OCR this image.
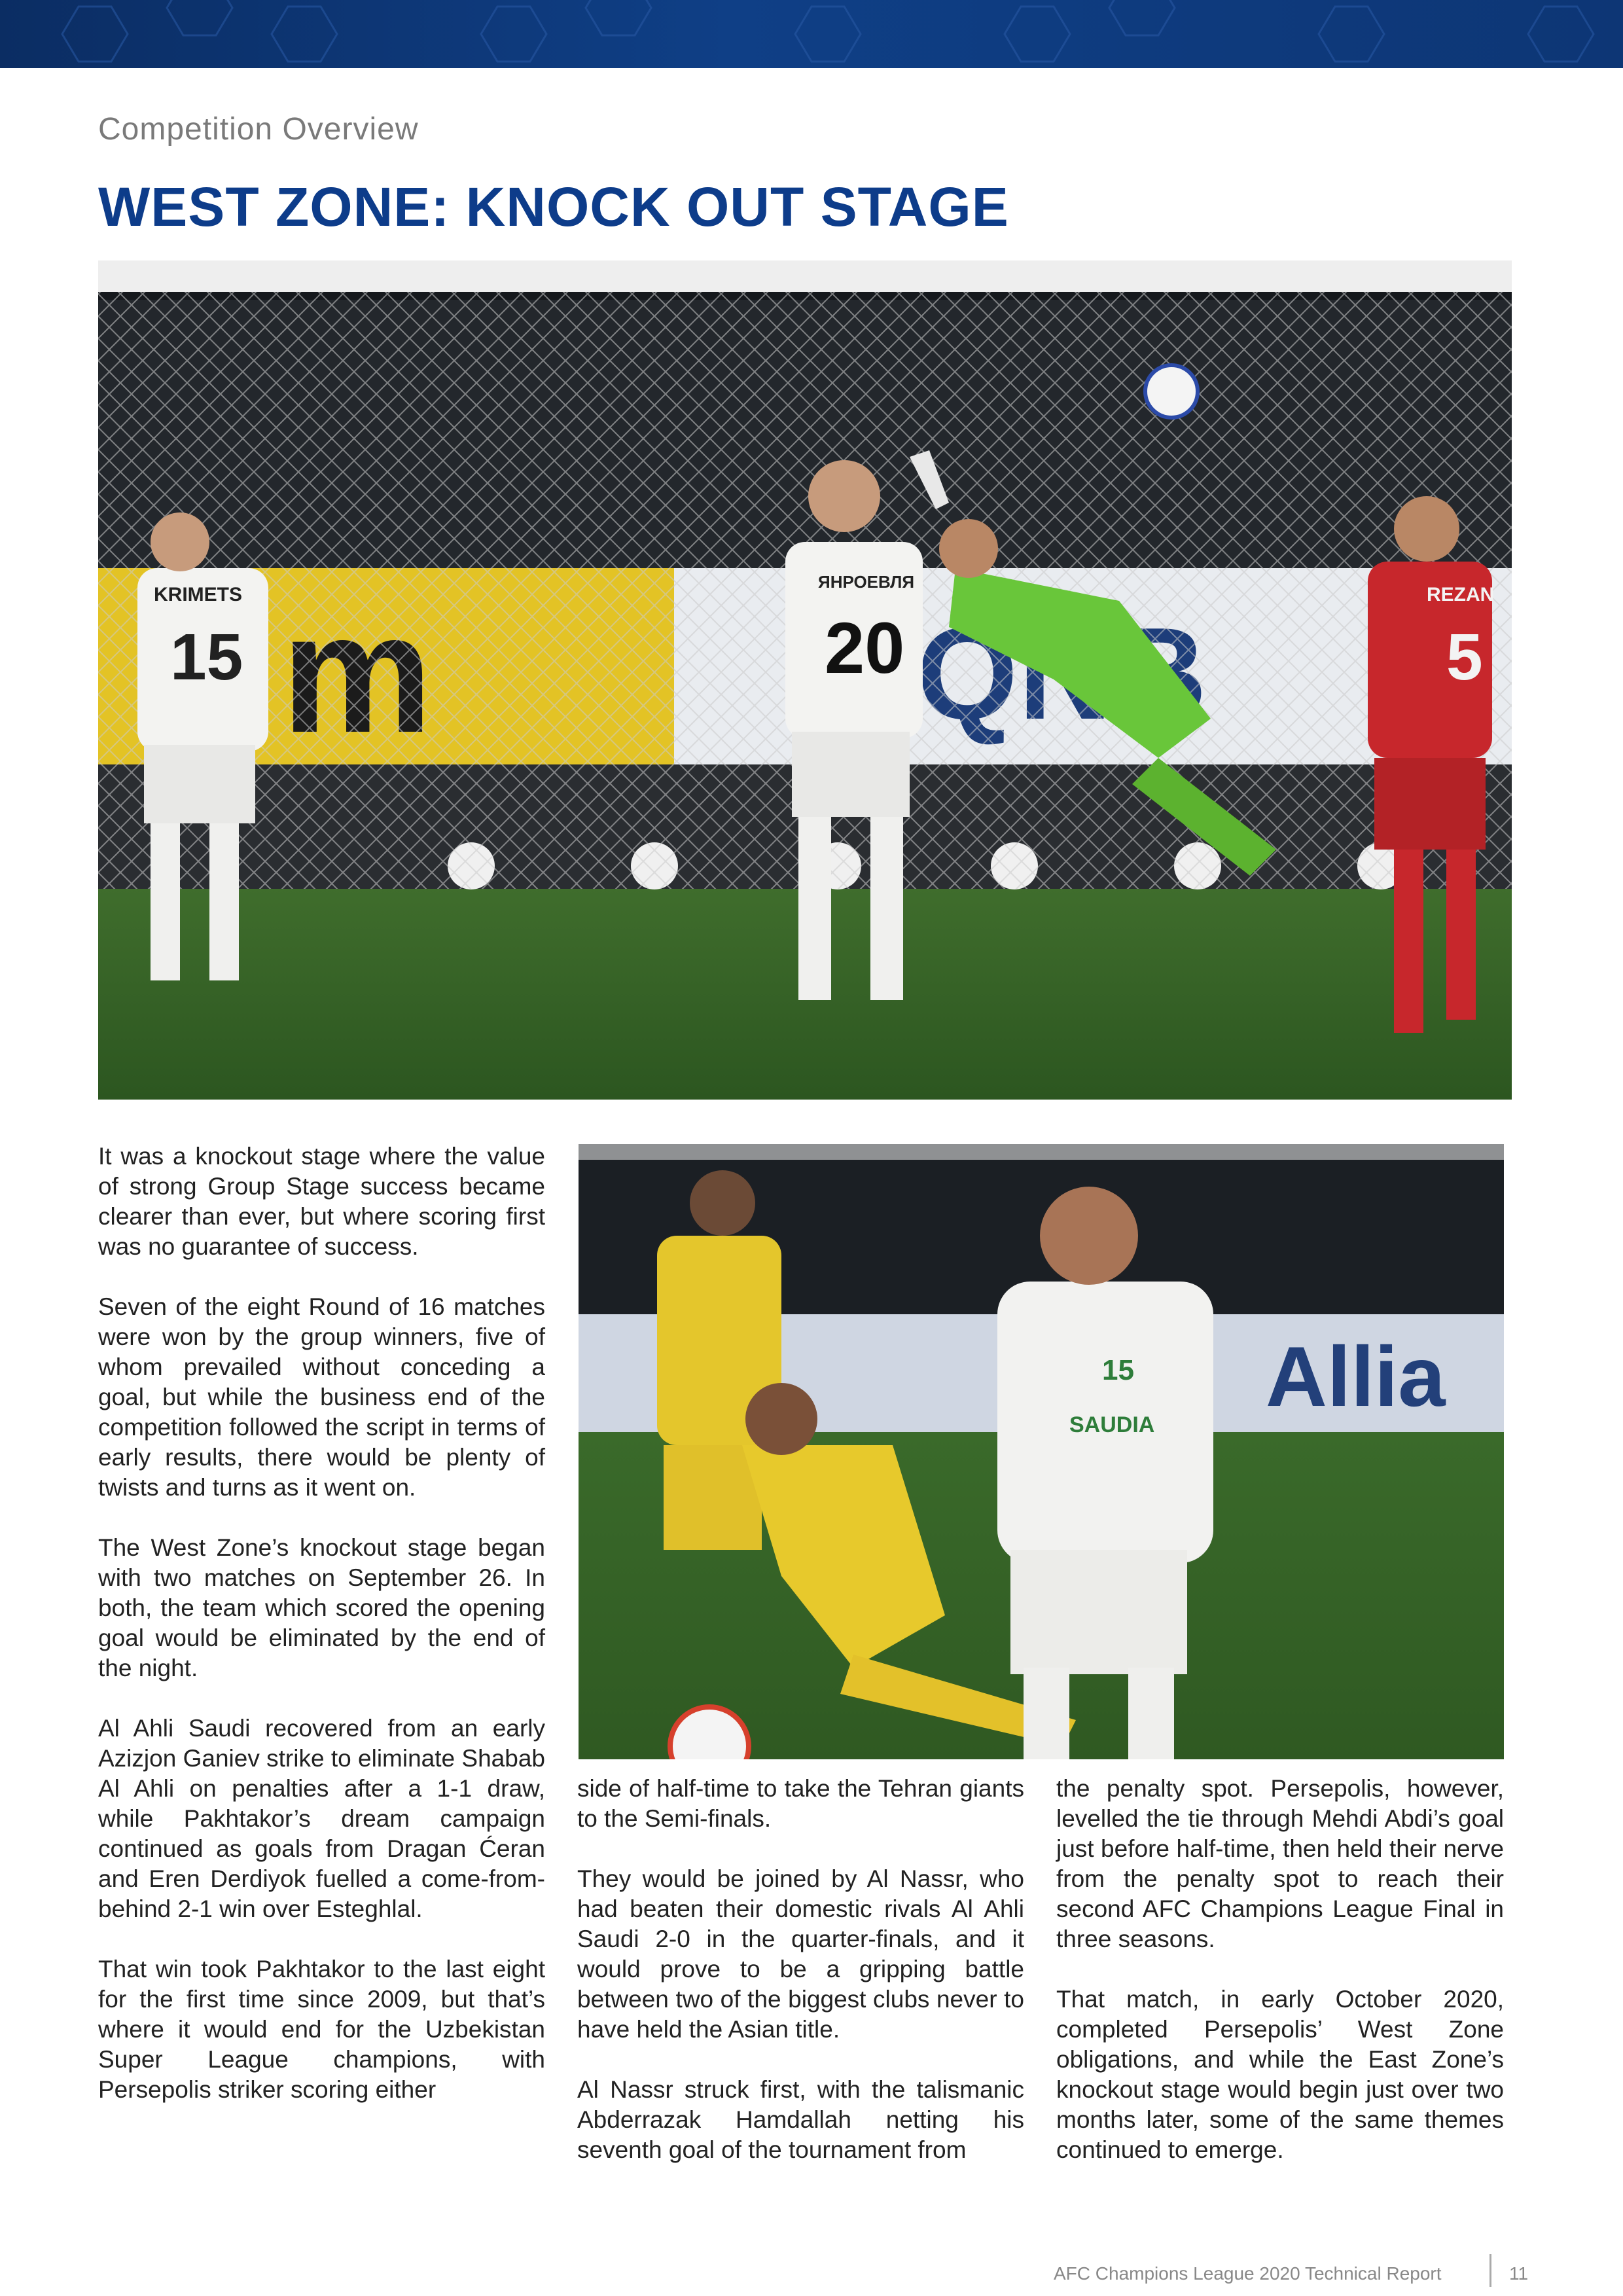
Competition Overview
WEST ZONE: KNOCK OUT STAGE
KRIMETS
15
ЯНРОЕВЛЯ
20
REZAN
5
Allia
15
SAUDIA

It was a knockout stage where the value of strong Group Stage success became clearer than ever, but where scoring first was no guarantee of success.

Seven of the eight Round of 16 matches were won by the group winners, five of whom prevailed without conceding a goal, but while the business end of the competition followed the script in terms of early results, there would be plenty of twists and turns as it went on.

The West Zone’s knockout stage began with two matches on September 26. In both, the team which scored the opening goal would be eliminated by the end of the night.

Al Ahli Saudi recovered from an early Azizjon Ganiev strike to eliminate Shabab Al Ahli on penalties after a 1-1 draw, while Pakhtakor’s dream campaign continued as goals from Dragan Ćeran and Eren Derdiyok fuelled a come-from-behind 2-1 win over Esteghlal.

That win took Pakhtakor to the last eight for the first time since 2009, but that’s where it would end for the Uzbekistan Super League champions, with Persepolis striker scoring either

side of half-time to take the Tehran giants to the Semi-finals.

They would be joined by Al Nassr, who had beaten their domestic rivals Al Ahli Saudi 2-0 in the quarter-finals, and it would prove to be a gripping battle between two of the biggest clubs never to have held the Asian title.

Al Nassr struck first, with the talismanic Abderrazak Hamdallah netting his seventh goal of the tournament from

the penalty spot. Persepolis, however, levelled the tie through Mehdi Abdi’s goal just before half-time, then held their nerve from the penalty spot to reach their second AFC Champions League Final in three seasons.

That match, in early October 2020, completed Persepolis’ West Zone obligations, and while the East Zone’s knockout stage would begin just over two months later, some of the same themes continued to emerge.

AFC Champions League 2020 Technical Report	11
